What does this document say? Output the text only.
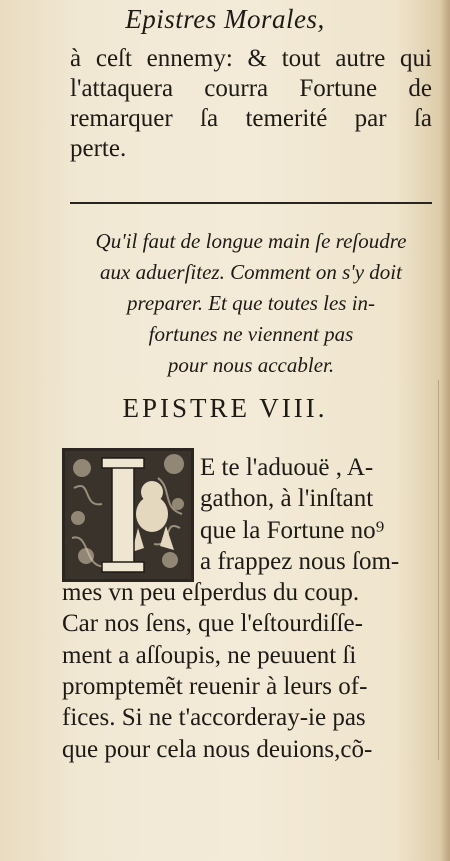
Epistres Morales,
à ceſt ennemy: & tout autre qui
l'attaquera courra Fortune de
remarquer ſa temerité par ſa
perte.
Qu'il faut de longue main ſe reſoudre
aux aduerſitez. Comment on s'y doit
preparer. Et que toutes les in-
fortunes ne viennent pas
pour nous accabler.
EPISTRE VIII.
E te l'aduouë , A-
gathon, à l'inſtant
que la Fortune no⁹
a frappez nous ſom-
mes vn peu eſperdus du coup.
Car nos ſens, que l'eſtourdiſſe-
ment a aſſoupis, ne peuuent ſi
promptemẽt reuenir à leurs of-
fices. Si ne t'accorderay-ie pas
que pour cela nous deuions,cõ-
